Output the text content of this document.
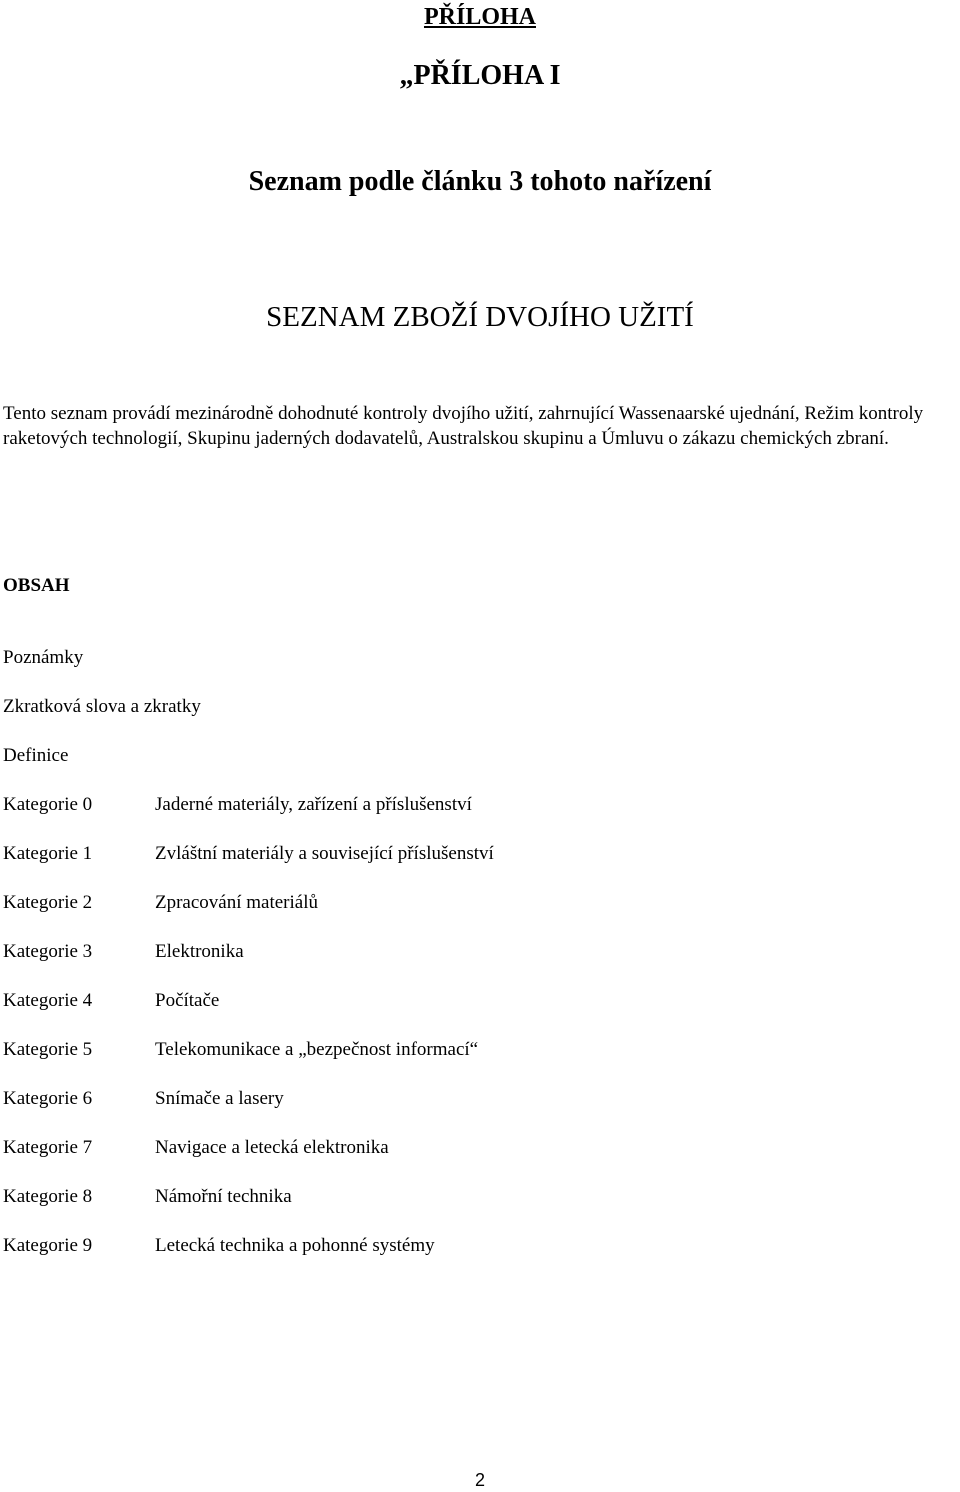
PŘÍLOHA
„PŘÍLOHA I
Seznam podle článku 3 tohoto nařízení
SEZNAM ZBOŽÍ DVOJÍHO UŽITÍ

Tento seznam provádí mezinárodně dohodnuté kontroly dvojího užití, zahrnující Wassenaarské ujednání, Režim kontroly raketových technologií, Skupinu jaderných dodavatelů, Australskou skupinu a Úmluvu o zákazu chemických zbraní.

OBSAH
Poznámky
Zkratková slova a zkratky
Definice
Kategorie 0	Jaderné materiály, zařízení a příslušenství
Kategorie 1	Zvláštní materiály a související příslušenství
Kategorie 2	Zpracování materiálů
Kategorie 3	Elektronika
Kategorie 4	Počítače
Kategorie 5	Telekomunikace a „bezpečnost informací“
Kategorie 6	Snímače a lasery
Kategorie 7	Navigace a letecká elektronika
Kategorie 8	Námořní technika
Kategorie 9	Letecká technika a pohonné systémy
2
